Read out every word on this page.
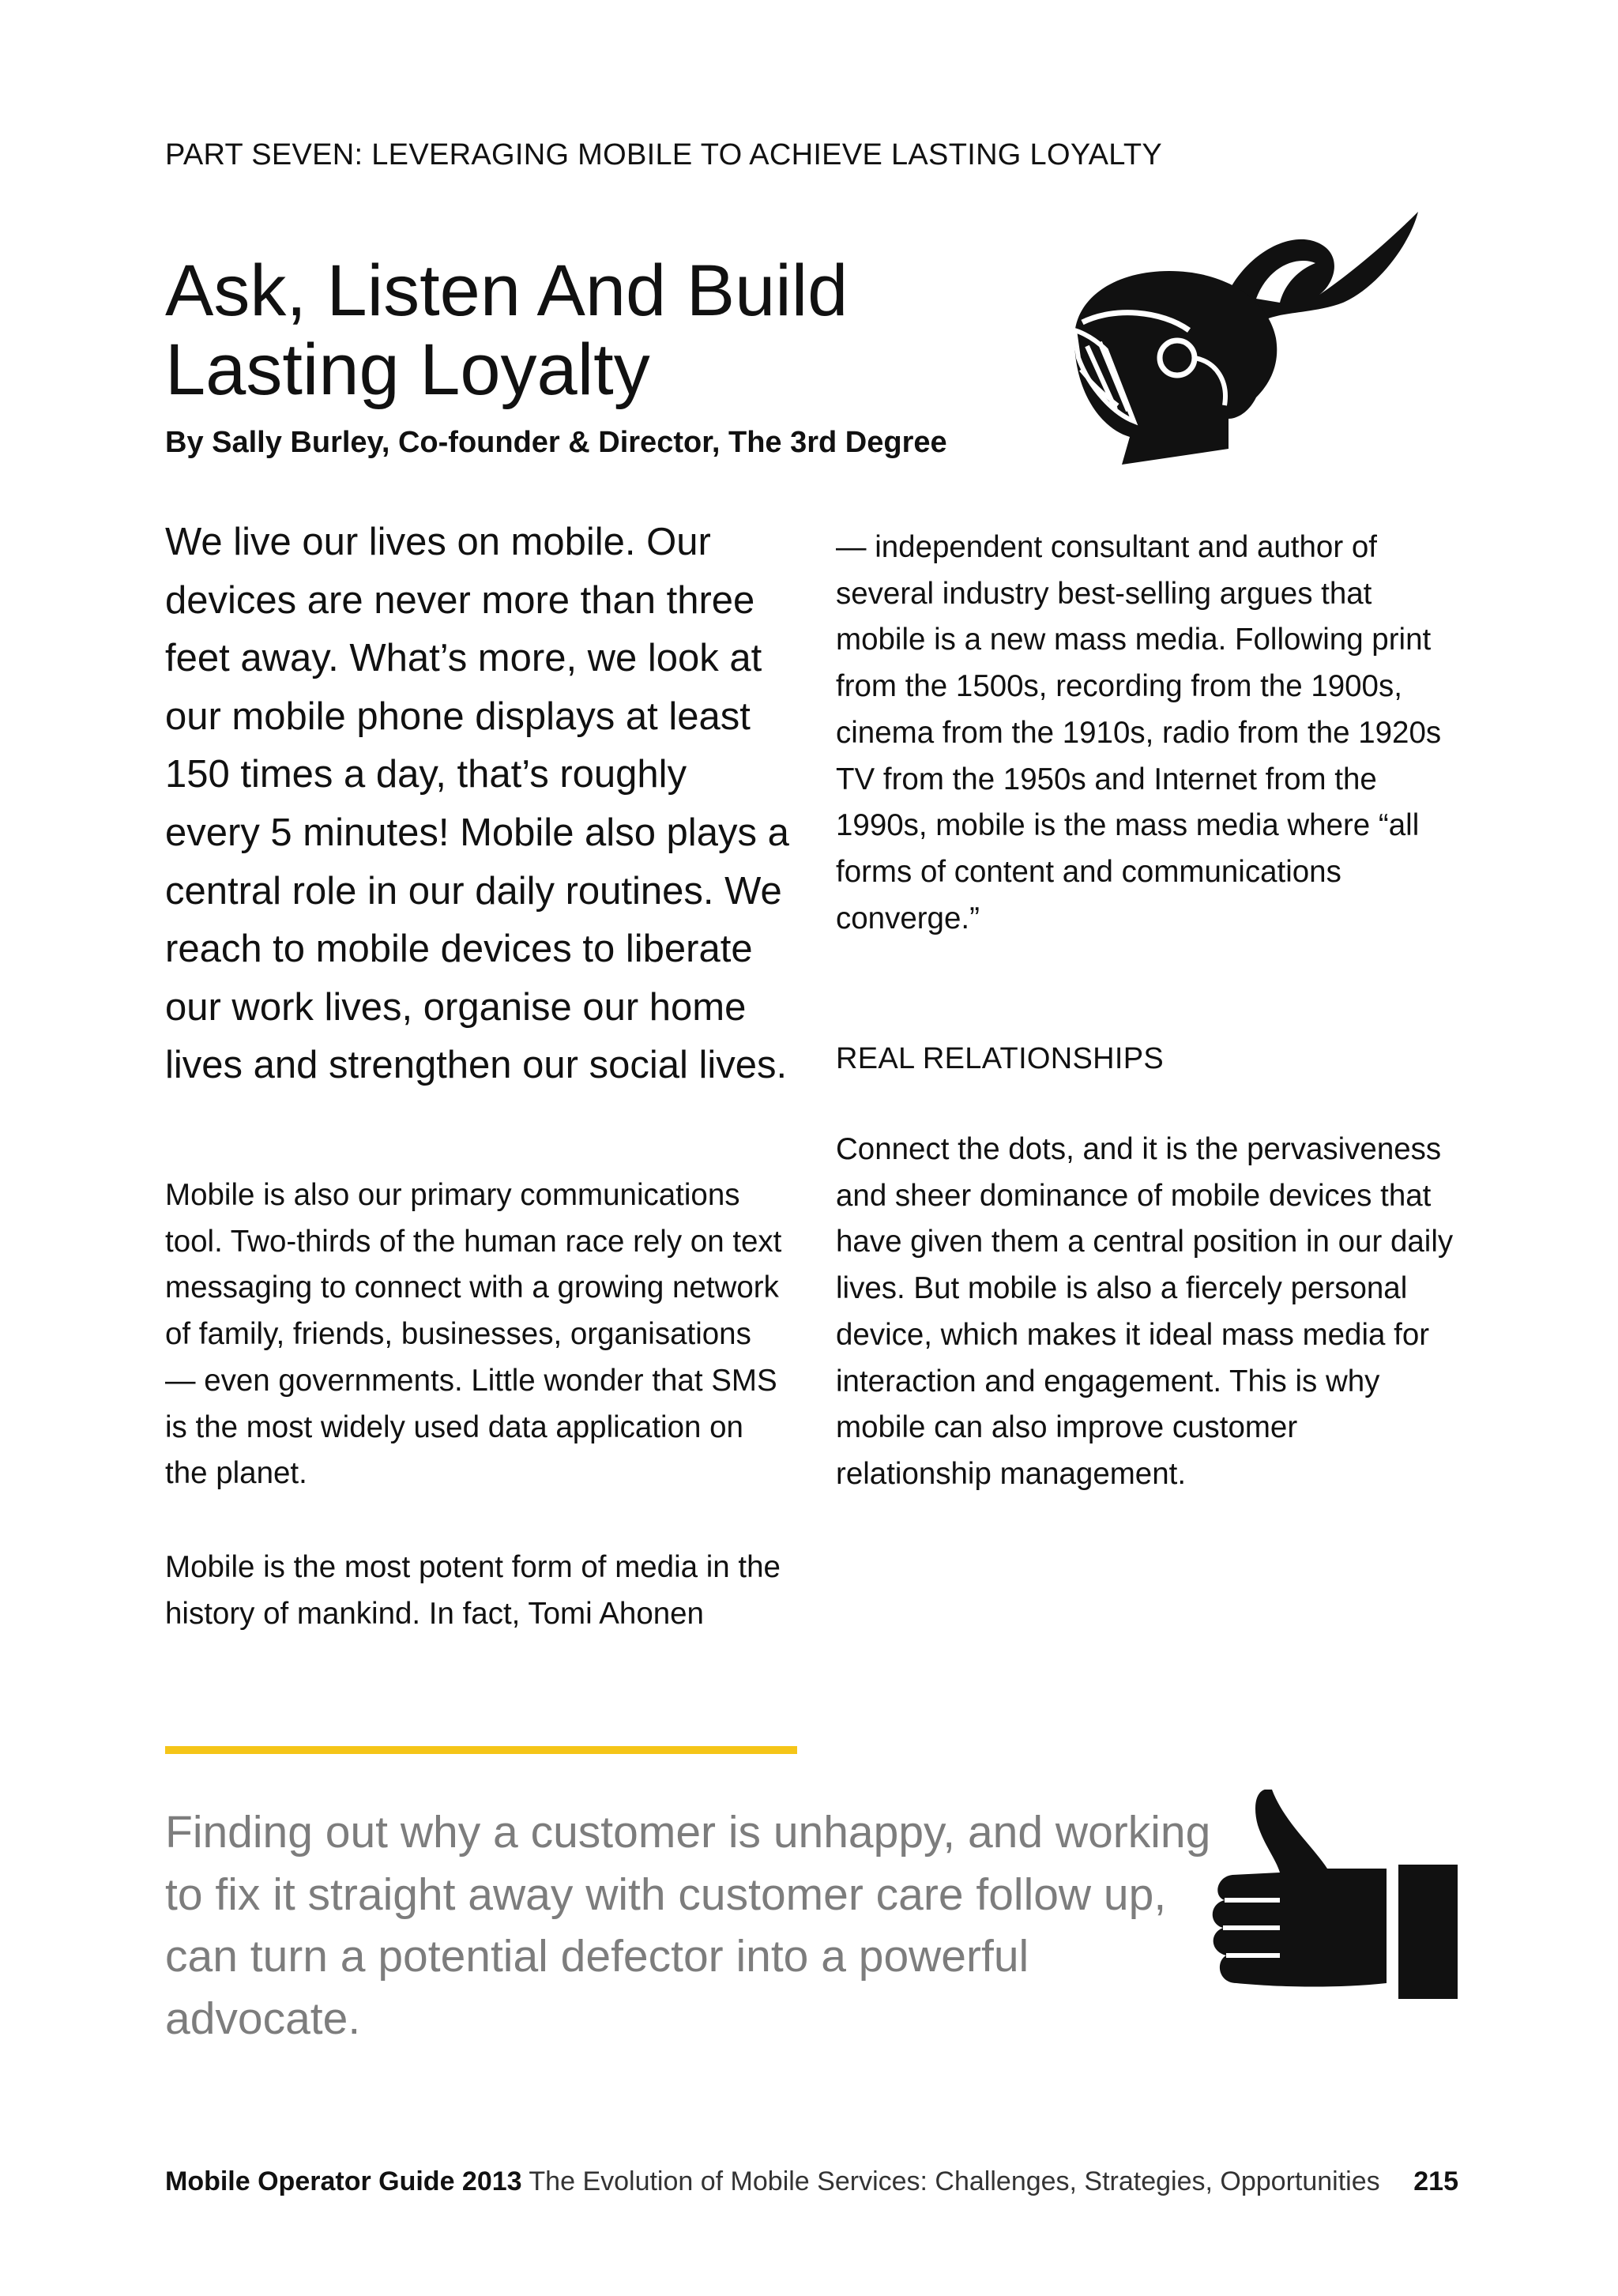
PART SEVEN: LEVERAGING MOBILE TO ACHIEVE LASTING LOYALTY
Ask, Listen And Build
Lasting Loyalty
By Sally Burley, Co-founder & Director, The 3rd Degree

We live our lives on mobile. Our devices are never more than three feet away. What’s more, we look at our mobile phone displays at least 150 times a day, that’s roughly every 5 minutes! Mobile also plays a central role in our daily routines. We reach to mobile devices to liberate our work lives, organise our home lives and strengthen our social lives.

Mobile is also our primary communications tool. Two-thirds of the human race rely on text messaging to connect with a growing network of family, friends, businesses, organisations — even governments. Little wonder that SMS is the most widely used data application on the planet.

Mobile is the most potent form of media in the history of mankind. In fact, Tomi Ahonen

— independent consultant and author of several industry best-selling argues that mobile is a new mass media. Following print from the 1500s, recording from the 1900s, cinema from the 1910s, radio from the 1920s TV from the 1950s and Internet from the 1990s, mobile is the mass media where “all forms of content and communications converge.”

REAL RELATIONSHIPS

Connect the dots, and it is the pervasiveness and sheer dominance of mobile devices that have given them a central position in our daily lives. But mobile is also a fiercely personal device, which makes it ideal mass media for interaction and engagement. This is why mobile can also improve customer relationship management.

Finding out why a customer is unhappy, and working to fix it straight away with customer care follow up, can turn a potential defector into a powerful advocate.

Mobile Operator Guide 2013 The Evolution of Mobile Services: Challenges, Strategies, Opportunities	215
